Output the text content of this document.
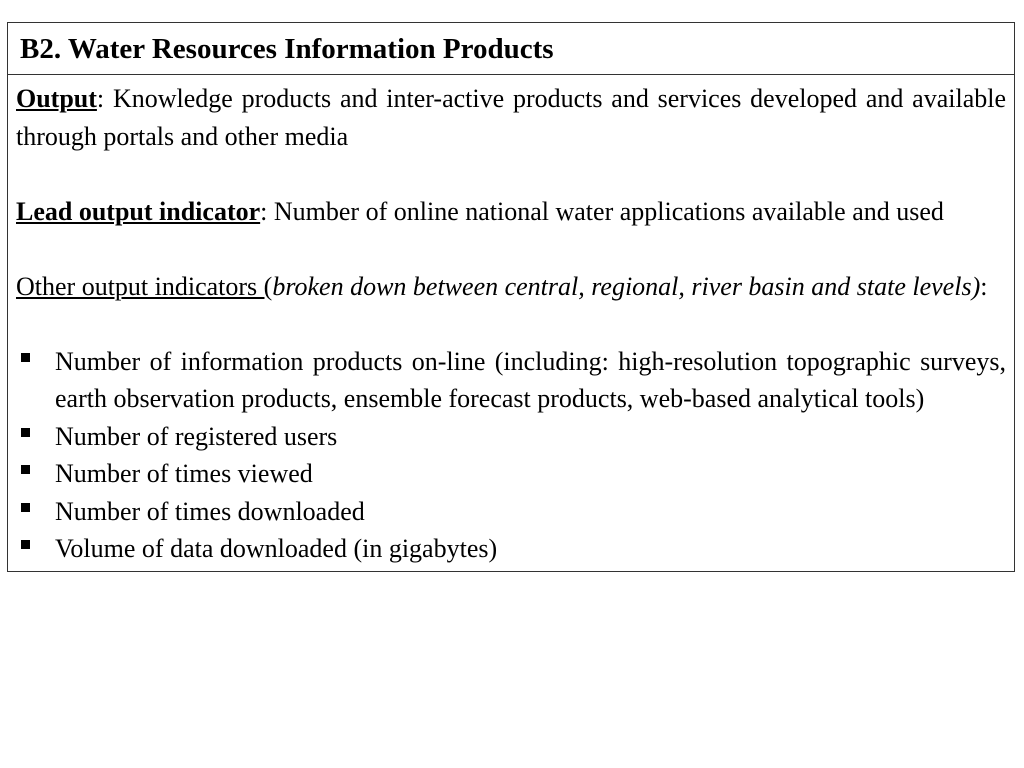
B2. Water Resources Information Products

Output: Knowledge products and inter-active products and services developed and available through portals and other media

Lead output indicator: Number of online national water applications available and used

Other output indicators (broken down between central, regional, river basin and state levels):

Number of information products on-line (including: high-resolution topographic surveys, earth observation products, ensemble forecast products, web-based analytical tools)
Number of registered users
Number of times viewed
Number of times downloaded
Volume of data downloaded (in gigabytes)
